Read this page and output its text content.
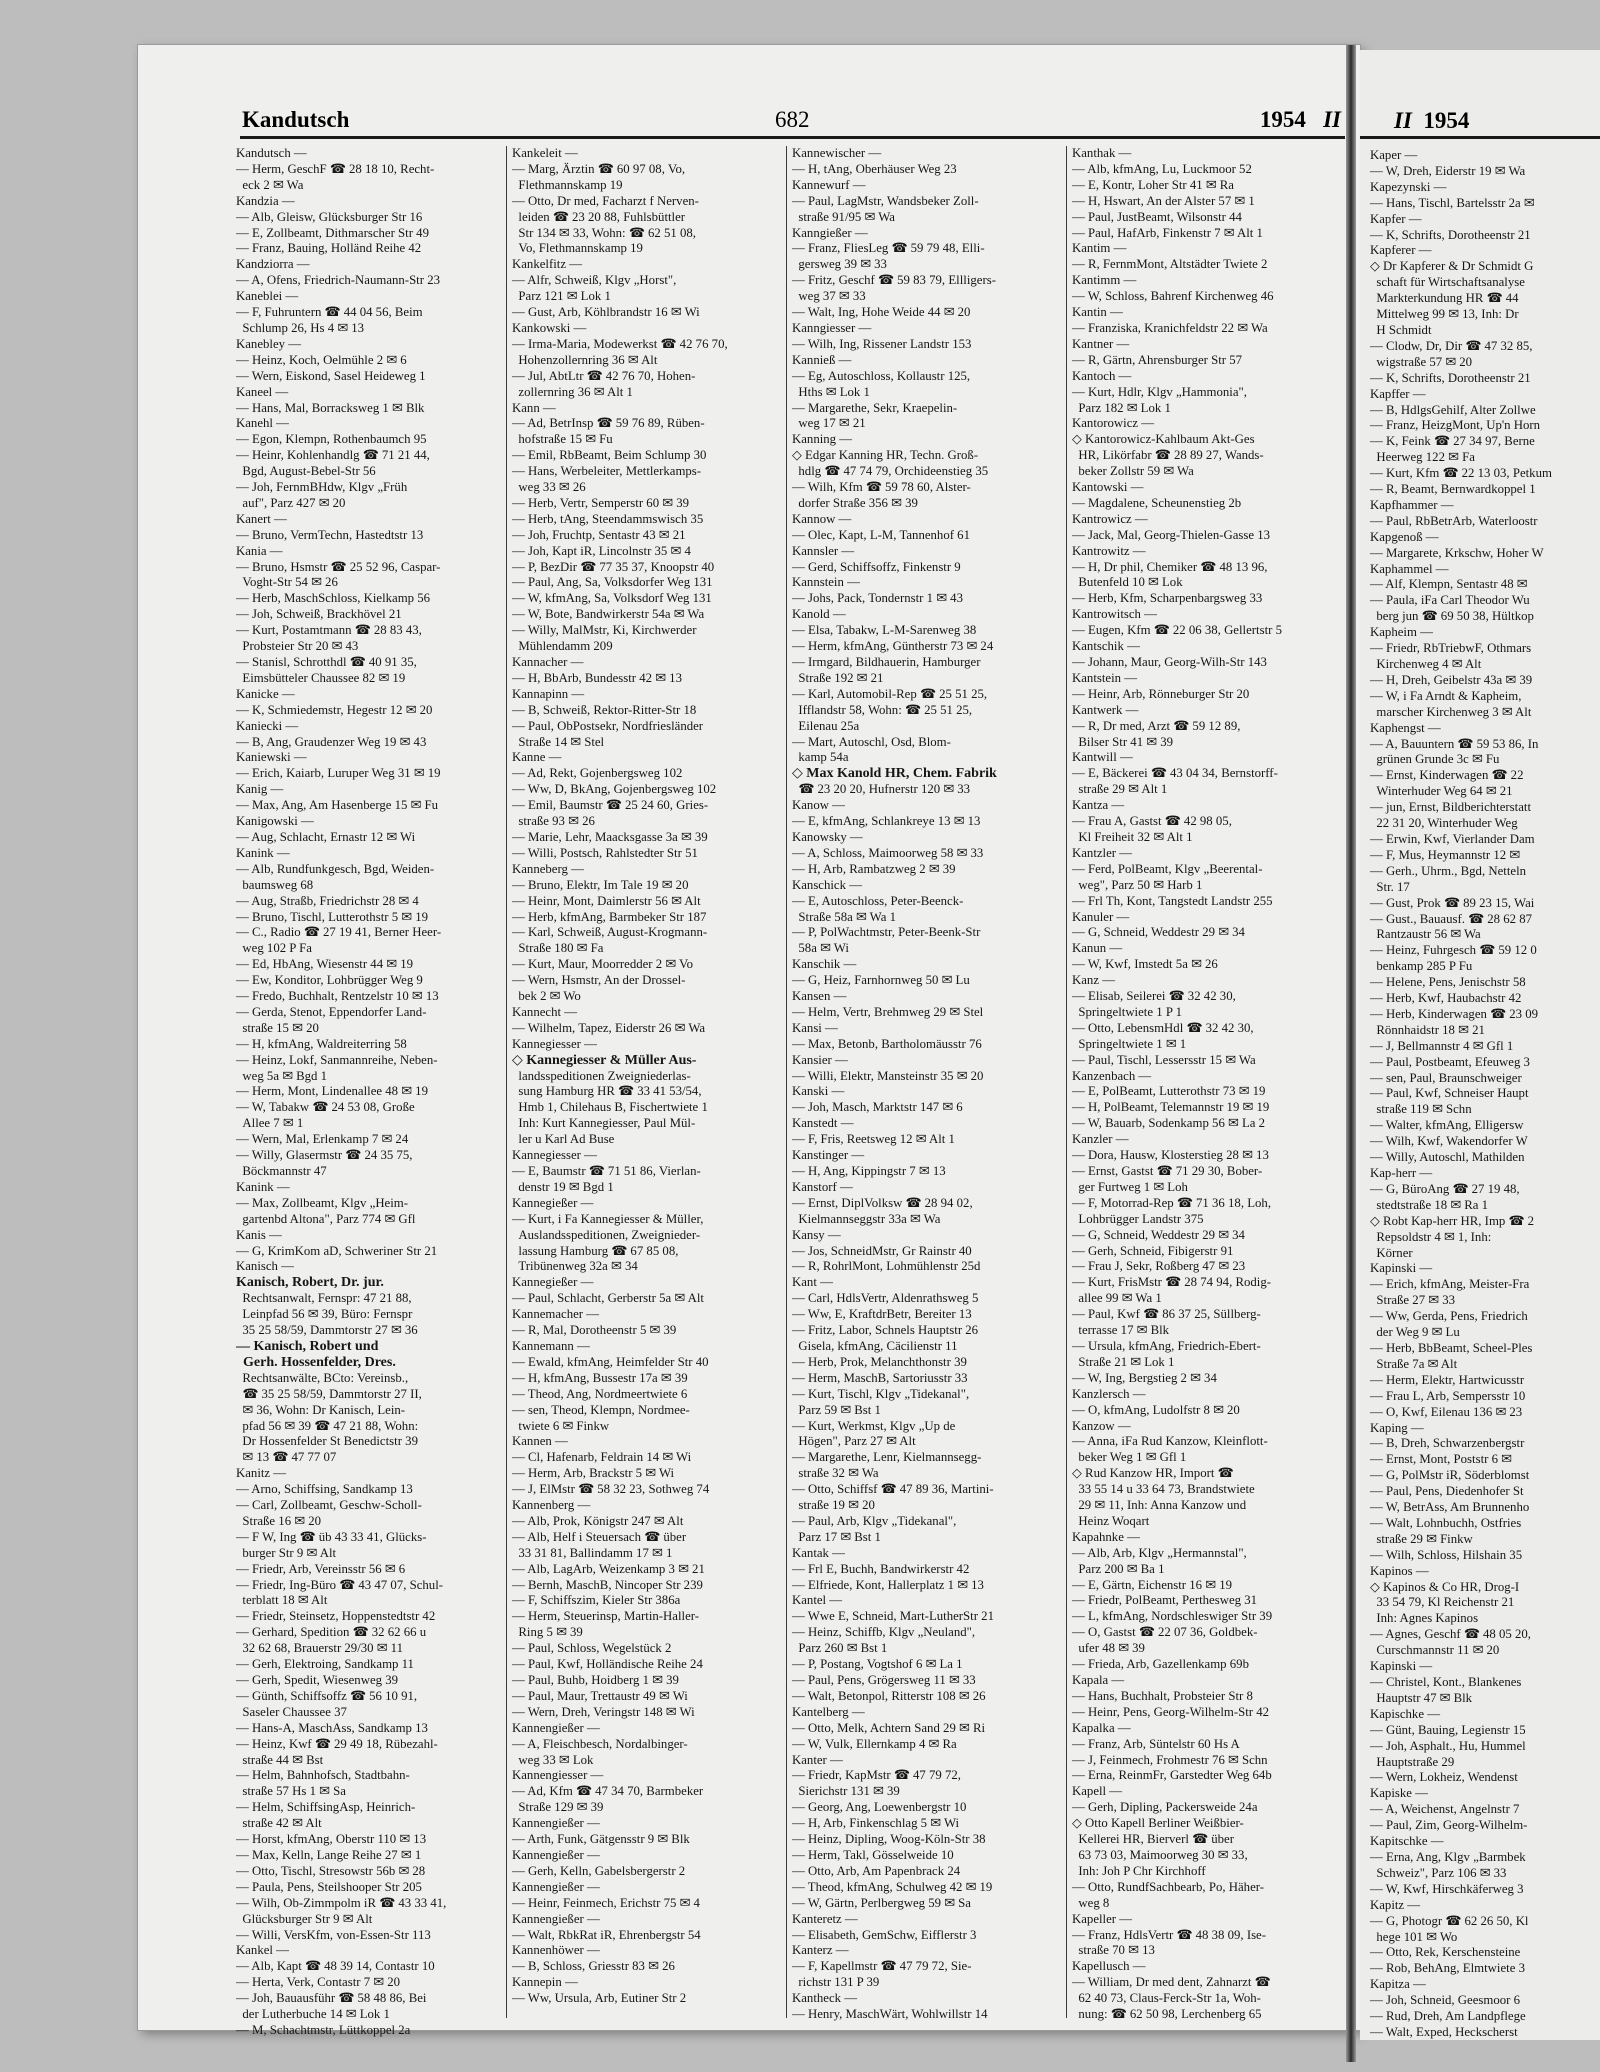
Kaper —
— W, Dreh, Eiderstr 19 ✉ Wa
Kapezynski —
— Hans, Tischl, Bartelsstr 2a ✉
Kapfer —
— K, Schrifts, Dorotheenstr 21
Kapferer —
◇ Dr Kapferer & Dr Schmidt G
schaft für Wirtschaftsanalyse
Markterkundung HR ☎ 44
Mittelweg 99 ✉ 13, Inh: Dr
H Schmidt
— Clodw, Dr, Dir ☎ 47 32 85,
wigstraße 57 ✉ 20
— K, Schrifts, Dorotheenstr 21
Kapffer —
— B, HdlgsGehilf, Alter Zollwe
— Franz, HeizgMont, Up'n Horn
— K, Feink ☎ 27 34 97, Berne
Heerweg 122 ✉ Fa
— Kurt, Kfm ☎ 22 13 03, Petkum
— R, Beamt, Bernwardkoppel 1
Kapfhammer —
— Paul, RbBetrArb, Waterloostr
Kapgenoß —
— Margarete, Krkschw, Hoher W
Kaphammel —
— Alf, Klempn, Sentastr 48 ✉
— Paula, iFa Carl Theodor Wu
berg jun ☎ 69 50 38, Hültkop
Kapheim —
— Friedr, RbTriebwF, Othmars
Kirchenweg 4 ✉ Alt
— H, Dreh, Geibelstr 43a ✉ 39
— W, i Fa Arndt & Kapheim,
marscher Kirchenweg 3 ✉ Alt
Kaphengst —
— A, Bauuntern ☎ 59 53 86, In
grünen Grunde 3c ✉ Fu
— Ernst, Kinderwagen ☎ 22
Winterhuder Weg 64 ✉ 21
— jun, Ernst, Bildberichterstatt
22 31 20, Winterhuder Weg
— Erwin, Kwf, Vierlander Dam
— F, Mus, Heymannstr 12 ✉
— Gerh., Uhrm., Bgd, Netteln
Str. 17
— Gust, Prok ☎ 89 23 15, Wai
— Gust., Bauausf. ☎ 28 62 87
Rantzaustr 56 ✉ Wa
— Heinz, Fuhrgesch ☎ 59 12 0
benkamp 285 P Fu
— Helene, Pens, Jenischstr 58
— Herb, Kwf, Haubachstr 42
— Herb, Kinderwagen ☎ 23 09
Rönnhaidstr 18 ✉ 21
— J, Bellmannstr 4 ✉ Gfl 1
— Paul, Postbeamt, Efeuweg 3
— sen, Paul, Braunschweiger
— Paul, Kwf, Schneiser Haupt
straße 119 ✉ Schn
— Walter, kfmAng, Elligersw
— Wilh, Kwf, Wakendorfer W
— Willy, Autoschl, Mathilden
Kap-herr —
— G, BüroAng ☎ 27 19 48,
stedtstraße 18 ✉ Ra 1
◇ Robt Kap-herr HR, Imp ☎ 2
Repsoldstr 4 ✉ 1, Inh:
Körner
Kapinski —
— Erich, kfmAng, Meister-Fra
Straße 27 ✉ 33
— Ww, Gerda, Pens, Friedrich
der Weg 9 ✉ Lu
— Herb, BbBeamt, Scheel-Ples
Straße 7a ✉ Alt
— Herm, Elektr, Hartwicusstr
— Frau L, Arb, Sempersstr 10
— O, Kwf, Eilenau 136 ✉ 23
Kaping —
— B, Dreh, Schwarzenbergstr
— Ernst, Mont, Poststr 6 ✉
— G, PolMstr iR, Söderblomst
— Paul, Pens, Diedenhofer St
— W, BetrAss, Am Brunnenho
— Walt, Lohnbuchh, Ostfries
straße 29 ✉ Finkw
— Wilh, Schloss, Hilshain 35
Kapinos —
◇ Kapinos & Co HR, Drog-I
33 54 79, Kl Reichenstr 21
Inh: Agnes Kapinos
— Agnes, Geschf ☎ 48 05 20,
Curschmannstr 11 ✉ 20
Kapinski —
— Christel, Kont., Blankenes
Hauptstr 47 ✉ Blk
Kapischke —
— Günt, Bauing, Legienstr 15
— Joh, Asphalt., Hu, Hummel
Hauptstraße 29
— Wern, Lokheiz, Wendenst
Kapiske —
— A, Weichenst, Angelnstr 7
— Paul, Zim, Georg-Wilhelm-
Kapitschke —
— Erna, Ang, Klgv „Barmbek
Schweiz", Parz 106 ✉ 33
— W, Kwf, Hirschkäferweg 3
Kapitz —
— G, Photogr ☎ 62 26 50, Kl
hege 101 ✉ Wo
— Otto, Rek, Kerschensteine
— Rob, BehAng, Elmtwiete 3
Kapitza —
— Joh, Schneid, Geesmoor 6
— Rud, Dreh, Am Landpflege
— Walt, Exped, Heckscherst
II 1954
Kandutsch	682	1954 II
Kandutsch —
— Herm, GeschF ☎ 28 18 10, Recht-
eck 2 ✉ Wa
Kandzia —
— Alb, Gleisw, Glücksburger Str 16
— E, Zollbeamt, Dithmarscher Str 49
— Franz, Bauing, Holländ Reihe 42
Kandziorra —
— A, Ofens, Friedrich-Naumann-Str 23
Kaneblei —
— F, Fuhruntern ☎ 44 04 56, Beim
Schlump 26, Hs 4 ✉ 13
Kanebley —
— Heinz, Koch, Oelmühle 2 ✉ 6
— Wern, Eiskond, Sasel Heideweg 1
Kaneel —
— Hans, Mal, Borracksweg 1 ✉ Blk
Kanehl —
— Egon, Klempn, Rothenbaumch 95
— Heinr, Kohlenhandlg ☎ 71 21 44,
Bgd, August-Bebel-Str 56
— Joh, FernmBHdw, Klgv „Früh
auf", Parz 427 ✉ 20
Kanert —
— Bruno, VermTechn, Hastedtstr 13
Kania —
— Bruno, Hsmstr ☎ 25 52 96, Caspar-
Voght-Str 54 ✉ 26
— Herb, MaschSchloss, Kielkamp 56
— Joh, Schweiß, Brackhövel 21
— Kurt, Postamtmann ☎ 28 83 43,
Probsteier Str 20 ✉ 43
— Stanisl, Schrotthdl ☎ 40 91 35,
Eimsbütteler Chaussee 82 ✉ 19
Kanicke —
— K, Schmiedemstr, Hegestr 12 ✉ 20
Kaniecki —
— B, Ang, Graudenzer Weg 19 ✉ 43
Kaniewski —
— Erich, Kaiarb, Luruper Weg 31 ✉ 19
Kanig —
— Max, Ang, Am Hasenberge 15 ✉ Fu
Kanigowski —
— Aug, Schlacht, Ernastr 12 ✉ Wi
Kanink —
— Alb, Rundfunkgesch, Bgd, Weiden-
baumsweg 68
— Aug, Straßb, Friedrichstr 28 ✉ 4
— Bruno, Tischl, Lutterothstr 5 ✉ 19
— C., Radio ☎ 27 19 41, Berner Heer-
weg 102 P Fa
— Ed, HbAng, Wiesenstr 44 ✉ 19
— Ew, Konditor, Lohbrügger Weg 9
— Fredo, Buchhalt, Rentzelstr 10 ✉ 13
— Gerda, Stenot, Eppendorfer Land-
straße 15 ✉ 20
— H, kfmAng, Waldreiterring 58
— Heinz, Lokf, Sanmannreihe, Neben-
weg 5a ✉ Bgd 1
— Herm, Mont, Lindenallee 48 ✉ 19
— W, Tabakw ☎ 24 53 08, Große
Allee 7 ✉ 1
— Wern, Mal, Erlenkamp 7 ✉ 24
— Willy, Glasermstr ☎ 24 35 75,
Böckmannstr 47
Kanink —
— Max, Zollbeamt, Klgv „Heim-
gartenbd Altona", Parz 774 ✉ Gfl
Kanis —
— G, KrimKom aD, Schweriner Str 21
Kanisch —
Kanisch, Robert, Dr. jur.
Rechtsanwalt, Fernspr: 47 21 88,
Leinpfad 56 ✉ 39, Büro: Fernspr
35 25 58/59, Dammtorstr 27 ✉ 36
— Kanisch, Robert und
Gerh. Hossenfelder, Dres.
Rechtsanwälte, BCto: Vereinsb.,
☎ 35 25 58/59, Dammtorstr 27 II,
✉ 36, Wohn: Dr Kanisch, Lein-
pfad 56 ✉ 39 ☎ 47 21 88, Wohn:
Dr Hossenfelder St Benedictstr 39
✉ 13 ☎ 47 77 07
Kanitz —
— Arno, Schiffsing, Sandkamp 13
— Carl, Zollbeamt, Geschw-Scholl-
Straße 16 ✉ 20
— F W, Ing ☎ üb 43 33 41, Glücks-
burger Str 9 ✉ Alt
— Friedr, Arb, Vereinsstr 56 ✉ 6
— Friedr, Ing-Büro ☎ 43 47 07, Schul-
terblatt 18 ✉ Alt
— Friedr, Steinsetz, Hoppenstedtstr 42
— Gerhard, Spedition ☎ 32 62 66 u
32 62 68, Brauerstr 29/30 ✉ 11
— Gerh, Elektroing, Sandkamp 11
— Gerh, Spedit, Wiesenweg 39
— Günth, Schiffsoffz ☎ 56 10 91,
Saseler Chaussee 37
— Hans-A, MaschAss, Sandkamp 13
— Heinz, Kwf ☎ 29 49 18, Rübezahl-
straße 44 ✉ Bst
— Helm, Bahnhofsch, Stadtbahn-
straße 57 Hs 1 ✉ Sa
— Helm, SchiffsingAsp, Heinrich-
straße 42 ✉ Alt
— Horst, kfmAng, Oberstr 110 ✉ 13
— Max, Kelln, Lange Reihe 27 ✉ 1
— Otto, Tischl, Stresowstr 56b ✉ 28
— Paula, Pens, Steilshooper Str 205
— Wilh, Ob-Zimmpolm iR ☎ 43 33 41,
Glücksburger Str 9 ✉ Alt
— Willi, VersKfm, von-Essen-Str 113
Kankel —
— Alb, Kapt ☎ 48 39 14, Contastr 10
— Herta, Verk, Contastr 7 ✉ 20
— Joh, Bauausführ ☎ 58 48 86, Bei
der Lutherbuche 14 ✉ Lok 1
— M, Schachtmstr, Lüttkoppel 2a
Kankeleit —
— Marg, Ärztin ☎ 60 97 08, Vo,
Flethmannskamp 19
— Otto, Dr med, Facharzt f Nerven-
leiden ☎ 23 20 88, Fuhlsbüttler
Str 134 ✉ 33, Wohn: ☎ 62 51 08,
Vo, Flethmannskamp 19
Kankelfitz —
— Alfr, Schweiß, Klgv „Horst",
Parz 121 ✉ Lok 1
— Gust, Arb, Köhlbrandstr 16 ✉ Wi
Kankowski —
— Irma-Maria, Modewerkst ☎ 42 76 70,
Hohenzollernring 36 ✉ Alt
— Jul, AbtLtr ☎ 42 76 70, Hohen-
zollernring 36 ✉ Alt 1
Kann —
— Ad, BetrInsp ☎ 59 76 89, Rüben-
hofstraße 15 ✉ Fu
— Emil, RbBeamt, Beim Schlump 30
— Hans, Werbeleiter, Mettlerkamps-
weg 33 ✉ 26
— Herb, Vertr, Semperstr 60 ✉ 39
— Herb, tAng, Steendammswisch 35
— Joh, Fruchtp, Sentastr 43 ✉ 21
— Joh, Kapt iR, Lincolnstr 35 ✉ 4
— P, BezDir ☎ 77 35 37, Knoopstr 40
— Paul, Ang, Sa, Volksdorfer Weg 131
— W, kfmAng, Sa, Volksdorf Weg 131
— W, Bote, Bandwirkerstr 54a ✉ Wa
— Willy, MalMstr, Ki, Kirchwerder
Mühlendamm 209
Kannacher —
— H, BbArb, Bundesstr 42 ✉ 13
Kannapinn —
— B, Schweiß, Rektor-Ritter-Str 18
— Paul, ObPostsekr, Nordfriesländer
Straße 14 ✉ Stel
Kanne —
— Ad, Rekt, Gojenbergsweg 102
— Ww, D, BkAng, Gojenbergsweg 102
— Emil, Baumstr ☎ 25 24 60, Gries-
straße 93 ✉ 26
— Marie, Lehr, Maacksgasse 3a ✉ 39
— Willi, Postsch, Rahlstedter Str 51
Kanneberg —
— Bruno, Elektr, Im Tale 19 ✉ 20
— Heinr, Mont, Daimlerstr 56 ✉ Alt
— Herb, kfmAng, Barmbeker Str 187
— Karl, Schweiß, August-Krogmann-
Straße 180 ✉ Fa
— Kurt, Maur, Moorredder 2 ✉ Vo
— Wern, Hsmstr, An der Drossel-
bek 2 ✉ Wo
Kannecht —
— Wilhelm, Tapez, Eiderstr 26 ✉ Wa
Kannegiesser —
◇ Kannegiesser & Müller Aus-
landsspeditionen Zweigniederlas-
sung Hamburg HR ☎ 33 41 53/54,
Hmb 1, Chilehaus B, Fischertwiete 1
Inh: Kurt Kannegiesser, Paul Mül-
ler u Karl Ad Buse
Kannegiesser —
— E, Baumstr ☎ 71 51 86, Vierlan-
denstr 19 ✉ Bgd 1
Kannegießer —
— Kurt, i Fa Kannegiesser & Müller,
Auslandsspeditionen, Zweignieder-
lassung Hamburg ☎ 67 85 08,
Tribünenweg 32a ✉ 34
Kannegießer —
— Paul, Schlacht, Gerberstr 5a ✉ Alt
Kannemacher —
— R, Mal, Dorotheenstr 5 ✉ 39
Kannemann —
— Ewald, kfmAng, Heimfelder Str 40
— H, kfmAng, Bussestr 17a ✉ 39
— Theod, Ang, Nordmeertwiete 6
— sen, Theod, Klempn, Nordmee-
twiete 6 ✉ Finkw
Kannen —
— Cl, Hafenarb, Feldrain 14 ✉ Wi
— Herm, Arb, Brackstr 5 ✉ Wi
— J, ElMstr ☎ 58 32 23, Sothweg 74
Kannenberg —
— Alb, Prok, Königstr 247 ✉ Alt
— Alb, Helf i Steuersach ☎ über
33 31 81, Ballindamm 17 ✉ 1
— Alb, LagArb, Weizenkamp 3 ✉ 21
— Bernh, MaschB, Nincoper Str 239
— F, Schiffszim, Kieler Str 386a
— Herm, Steuerinsp, Martin-Haller-
Ring 5 ✉ 39
— Paul, Schloss, Wegelstück 2
— Paul, Kwf, Holländische Reihe 24
— Paul, Buhb, Hoidberg 1 ✉ 39
— Paul, Maur, Trettaustr 49 ✉ Wi
— Wern, Dreh, Veringstr 148 ✉ Wi
Kannengießer —
— A, Fleischbesch, Nordalbinger-
weg 33 ✉ Lok
Kannengiesser —
— Ad, Kfm ☎ 47 34 70, Barmbeker
Straße 129 ✉ 39
Kannengießer —
— Arth, Funk, Gätgensstr 9 ✉ Blk
Kannengießer —
— Gerh, Kelln, Gabelsbergerstr 2
Kannengießer —
— Heinr, Feinmech, Erichstr 75 ✉ 4
Kannengießer —
— Walt, RbkRat iR, Ehrenbergstr 54
Kannenhöwer —
— B, Schloss, Griesstr 83 ✉ 26
Kannepin —
— Ww, Ursula, Arb, Eutiner Str 2
Kannewischer —
— H, tAng, Oberhäuser Weg 23
Kannewurf —
— Paul, LagMstr, Wandsbeker Zoll-
straße 91/95 ✉ Wa
Kanngießer —
— Franz, FliesLeg ☎ 59 79 48, Elli-
gersweg 39 ✉ 33
— Fritz, Geschf ☎ 59 83 79, Ellligers-
weg 37 ✉ 33
— Walt, Ing, Hohe Weide 44 ✉ 20
Kanngiesser —
— Wilh, Ing, Rissener Landstr 153
Kannieß —
— Eg, Autoschloss, Kollaustr 125,
Hths ✉ Lok 1
— Margarethe, Sekr, Kraepelin-
weg 17 ✉ 21
Kanning —
◇ Edgar Kanning HR, Techn. Groß-
hdlg ☎ 47 74 79, Orchideenstieg 35
— Wilh, Kfm ☎ 59 78 60, Alster-
dorfer Straße 356 ✉ 39
Kannow —
— Olec, Kapt, L-M, Tannenhof 61
Kannsler —
— Gerd, Schiffsoffz, Finkenstr 9
Kannstein —
— Johs, Pack, Tondernstr 1 ✉ 43
Kanold —
— Elsa, Tabakw, L-M-Sarenweg 38
— Herm, kfmAng, Güntherstr 73 ✉ 24
— Irmgard, Bildhauerin, Hamburger
Straße 192 ✉ 21
— Karl, Automobil-Rep ☎ 25 51 25,
Ifflandstr 58, Wohn: ☎ 25 51 25,
Eilenau 25a
— Mart, Autoschl, Osd, Blom-
kamp 54a
◇ Max Kanold HR, Chem. Fabrik
☎ 23 20 20, Hufnerstr 120 ✉ 33
Kanow —
— E, kfmAng, Schlankreye 13 ✉ 13
Kanowsky —
— A, Schloss, Maimoorweg 58 ✉ 33
— H, Arb, Rambatzweg 2 ✉ 39
Kanschick —
— E, Autoschloss, Peter-Beenck-
Straße 58a ✉ Wa 1
— P, PolWachtmstr, Peter-Beenk-Str
58a ✉ Wi
Kanschik —
— G, Heiz, Farnhornweg 50 ✉ Lu
Kansen —
— Helm, Vertr, Brehmweg 29 ✉ Stel
Kansi —
— Max, Betonb, Bartholomäusstr 76
Kansier —
— Willi, Elektr, Mansteinstr 35 ✉ 20
Kanski —
— Joh, Masch, Marktstr 147 ✉ 6
Kanstedt —
— F, Fris, Reetsweg 12 ✉ Alt 1
Kanstinger —
— H, Ang, Kippingstr 7 ✉ 13
Kanstorf —
— Ernst, DiplVolksw ☎ 28 94 02,
Kielmannseggstr 33a ✉ Wa
Kansy —
— Jos, SchneidMstr, Gr Rainstr 40
— R, RohrlMont, Lohmühlenstr 25d
Kant —
— Carl, HdlsVertr, Aldenrathsweg 5
— Ww, E, KraftdrBetr, Bereiter 13
— Fritz, Labor, Schnels Hauptstr 26
Gisela, kfmAng, Cäcilienstr 11
— Herb, Prok, Melanchthonstr 39
— Herm, MaschB, Sartoriusstr 33
— Kurt, Tischl, Klgv „Tidekanal",
Parz 59 ✉ Bst 1
— Kurt, Werkmst, Klgv „Up de
Högen", Parz 27 ✉ Alt
— Margarethe, Lenr, Kielmannsegg-
straße 32 ✉ Wa
— Otto, Schiffsf ☎ 47 89 36, Martini-
straße 19 ✉ 20
— Paul, Arb, Klgv „Tidekanal",
Parz 17 ✉ Bst 1
Kantak —
— Frl E, Buchh, Bandwirkerstr 42
— Elfriede, Kont, Hallerplatz 1 ✉ 13
Kantel —
— Wwe E, Schneid, Mart-LutherStr 21
— Heinz, Schiffb, Klgv „Neuland",
Parz 260 ✉ Bst 1
— P, Postang, Vogtshof 6 ✉ La 1
— Paul, Pens, Grögersweg 11 ✉ 33
— Walt, Betonpol, Ritterstr 108 ✉ 26
Kantelberg —
— Otto, Melk, Achtern Sand 29 ✉ Ri
— W, Vulk, Ellernkamp 4 ✉ Ra
Kanter —
— Friedr, KapMstr ☎ 47 79 72,
Sierichstr 131 ✉ 39
— Georg, Ang, Loewenbergstr 10
— H, Arb, Finkenschlag 5 ✉ Wi
— Heinz, Dipling, Woog-Köln-Str 38
— Herm, Takl, Gösselweide 10
— Otto, Arb, Am Papenbrack 24
— Theod, kfmAng, Schulweg 42 ✉ 19
— W, Gärtn, Perlbergweg 59 ✉ Sa
Kanteretz —
— Elisabeth, GemSchw, Eifflerstr 3
Kanterz —
— F, Kapellmstr ☎ 47 79 72, Sie-
richstr 131 P 39
Kantheck —
— Henry, MaschWärt, Wohlwillstr 14
Kanthak —
— Alb, kfmAng, Lu, Luckmoor 52
— E, Kontr, Loher Str 41 ✉ Ra
— H, Hswart, An der Alster 57 ✉ 1
— Paul, JustBeamt, Wilsonstr 44
— Paul, HafArb, Finkenstr 7 ✉ Alt 1
Kantim —
— R, FernmMont, Altstädter Twiete 2
Kantimm —
— W, Schloss, Bahrenf Kirchenweg 46
Kantin —
— Franziska, Kranichfeldstr 22 ✉ Wa
Kantner —
— R, Gärtn, Ahrensburger Str 57
Kantoch —
— Kurt, Hdlr, Klgv „Hammonia",
Parz 182 ✉ Lok 1
Kantorowicz —
◇ Kantorowicz-Kahlbaum Akt-Ges
HR, Likörfabr ☎ 28 89 27, Wands-
beker Zollstr 59 ✉ Wa
Kantowski —
— Magdalene, Scheunenstieg 2b
Kantrowicz —
— Jack, Mal, Georg-Thielen-Gasse 13
Kantrowitz —
— H, Dr phil, Chemiker ☎ 48 13 96,
Butenfeld 10 ✉ Lok
— Herb, Kfm, Scharpenbargsweg 33
Kantrowitsch —
— Eugen, Kfm ☎ 22 06 38, Gellertstr 5
Kantschik —
— Johann, Maur, Georg-Wilh-Str 143
Kantstein —
— Heinr, Arb, Rönneburger Str 20
Kantwerk —
— R, Dr med, Arzt ☎ 59 12 89,
Bilser Str 41 ✉ 39
Kantwill —
— E, Bäckerei ☎ 43 04 34, Bernstorff-
straße 29 ✉ Alt 1
Kantza —
— Frau A, Gastst ☎ 42 98 05,
Kl Freiheit 32 ✉ Alt 1
Kantzler —
— Ferd, PolBeamt, Klgv „Beerental-
weg", Parz 50 ✉ Harb 1
— Frl Th, Kont, Tangstedt Landstr 255
Kanuler —
— G, Schneid, Weddestr 29 ✉ 34
Kanun —
— W, Kwf, Imstedt 5a ✉ 26
Kanz —
— Elisab, Seilerei ☎ 32 42 30,
Springeltwiete 1 P 1
— Otto, LebensmHdl ☎ 32 42 30,
Springeltwiete 1 ✉ 1
— Paul, Tischl, Lessersstr 15 ✉ Wa
Kanzenbach —
— E, PolBeamt, Lutterothstr 73 ✉ 19
— H, PolBeamt, Telemannstr 19 ✉ 19
— W, Bauarb, Sodenkamp 56 ✉ La 2
Kanzler —
— Dora, Hausw, Klosterstieg 28 ✉ 13
— Ernst, Gastst ☎ 71 29 30, Bober-
ger Furtweg 1 ✉ Loh
— F, Motorrad-Rep ☎ 71 36 18, Loh,
Lohbrügger Landstr 375
— G, Schneid, Weddestr 29 ✉ 34
— Gerh, Schneid, Fibigerstr 91
— Frau J, Sekr, Roßberg 47 ✉ 23
— Kurt, FrisMstr ☎ 28 74 94, Rodig-
allee 99 ✉ Wa 1
— Paul, Kwf ☎ 86 37 25, Süllberg-
terrasse 17 ✉ Blk
— Ursula, kfmAng, Friedrich-Ebert-
Straße 21 ✉ Lok 1
— W, Ing, Bergstieg 2 ✉ 34
Kanzlersch —
— O, kfmAng, Ludolfstr 8 ✉ 20
Kanzow —
— Anna, iFa Rud Kanzow, Kleinflott-
beker Weg 1 ✉ Gfl 1
◇ Rud Kanzow HR, Import ☎
33 55 14 u 33 64 73, Brandstwiete
29 ✉ 11, Inh: Anna Kanzow und
Heinz Woqart
Kapahnke —
— Alb, Arb, Klgv „Hermannstal",
Parz 200 ✉ Ba 1
— E, Gärtn, Eichenstr 16 ✉ 19
— Friedr, PolBeamt, Perthesweg 31
— L, kfmAng, Nordschleswiger Str 39
— O, Gastst ☎ 22 07 36, Goldbek-
ufer 48 ✉ 39
— Frieda, Arb, Gazellenkamp 69b
Kapala —
— Hans, Buchhalt, Probsteier Str 8
— Heinr, Pens, Georg-Wilhelm-Str 42
Kapalka —
— Franz, Arb, Süntelstr 60 Hs A
— J, Feinmech, Frohmestr 76 ✉ Schn
— Erna, ReinmFr, Garstedter Weg 64b
Kapell —
— Gerh, Dipling, Packersweide 24a
◇ Otto Kapell Berliner Weißbier-
Kellerei HR, Bierverl ☎ über
63 73 03, Maimoorweg 30 ✉ 33,
Inh: Joh P Chr Kirchhoff
— Otto, RundfSachbearb, Po, Häher-
weg 8
Kapeller —
— Franz, HdlsVertr ☎ 48 38 09, Ise-
straße 70 ✉ 13
Kapellusch —
— William, Dr med dent, Zahnarzt ☎
62 40 73, Claus-Ferck-Str 1a, Woh-
nung: ☎ 62 50 98, Lerchenberg 65
